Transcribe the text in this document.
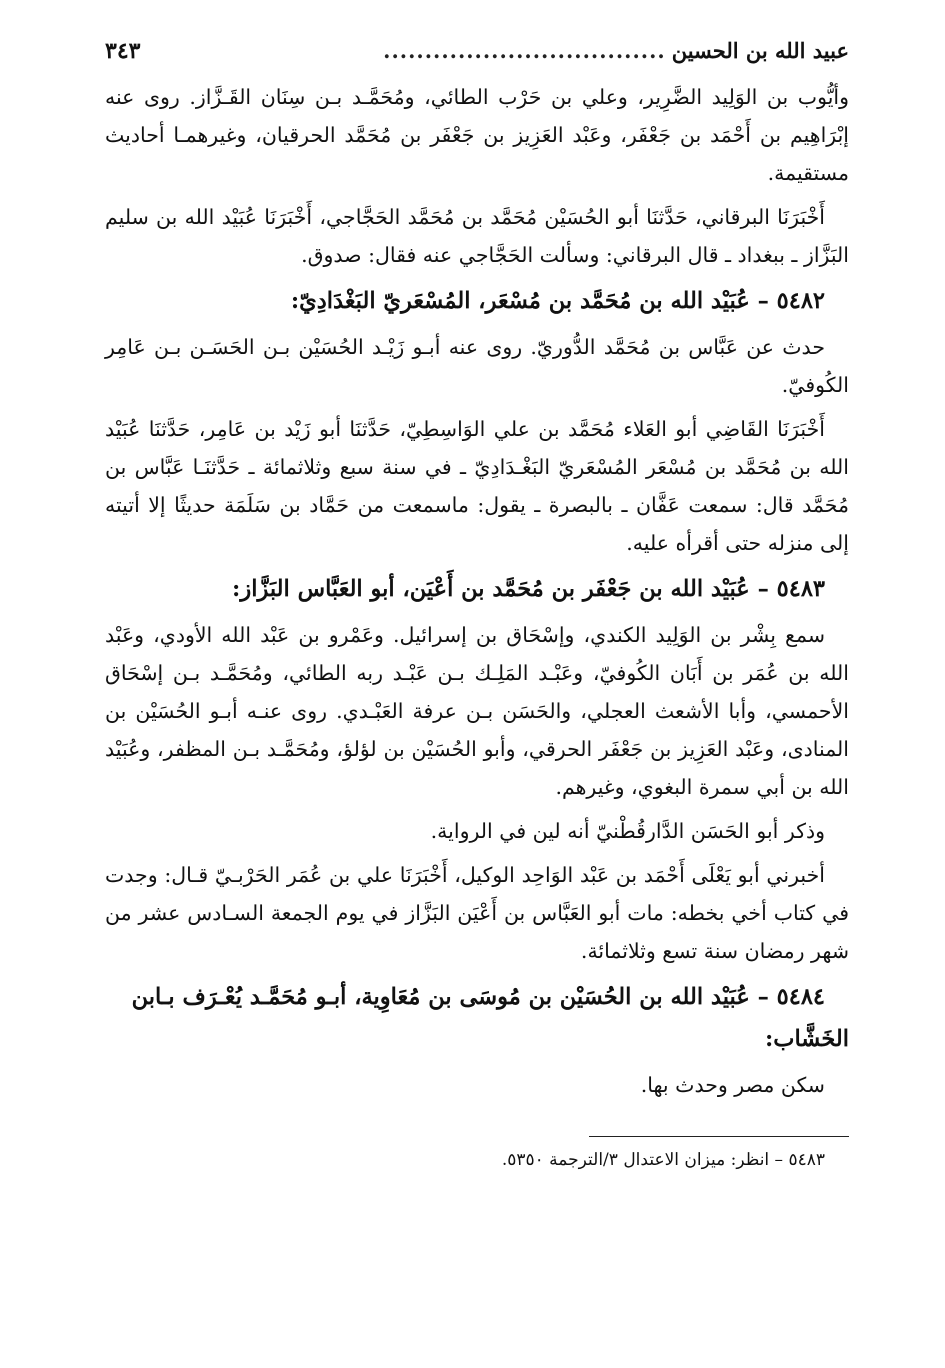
عبيد الله بن الحسين
..................................
٣٤٣

وأيُّوب بن الوَلِيد الضَّرِير، وعلي بن حَرْب الطائي، ومُحَمَّـد بـن سِنَان القَـزَّاز. روى عنه إبْرَاهِيم بن أَحْمَد بن جَعْفَر، وعَبْد العَزِيز بن جَعْفَر بن مُحَمَّد الحرقيان، وغيرهمـا أحاديث مستقيمة.

أَخْبَرَنَا البرقاني، حَدَّثنَا أبو الحُسَيْن مُحَمَّد بن مُحَمَّد الحَجَّاجي، أَخْبَرَنَا عُبَيْد الله بن سليم البَزَّاز ـ ببغداد ـ قال البرقاني: وسألت الحَجَّاجي عنه فقال: صدوق.

٥٤٨٢ – عُبَيْد الله بن مُحَمَّد بن مُسْعَر، المُسْعَريّ البَغْدَادِيّ:

حدث عن عَبَّاس بن مُحَمَّد الدُّوريّ. روى عنه أبـو زَيْـد الحُسَيْن بـن الحَسَـن بـن عَامِر الكُوفيّ.

أَخْبَرَنَا القَاضِي أبو العَلاء مُحَمَّد بن علي الوَاسِطِيّ، حَدَّثنَا أبو زَيْد بن عَامِر، حَدَّثنَا عُبَيْد الله بن مُحَمَّد بن مُسْعَر المُسْعَريّ البَغْـدَادِيّ ـ في سنة سبع وثلاثمائة ـ حَدَّثنَـا عَبَّاس بن مُحَمَّد قال: سمعت عَفَّان ـ بالبصرة ـ يقول: ماسمعت من حَمَّاد بن سَلَمَة حديثًا إلا أتيته إلى منزله حتى أقرأه عليه.

٥٤٨٣ – عُبَيْد الله بن جَعْفَر بن مُحَمَّد بن أَعْيَن، أبو العَبَّاس البَزَّاز:

سمع بِشْر بن الوَلِيد الكندي، وإسْحَاق بن إسرائيل. وعَمْرو بن عَبْد الله الأودي، وعَبْد الله بن عُمَر بن أَبَان الكُوفيّ، وعَبْـد المَلِـك بـن عَبْـد ربه الطائي، ومُحَمَّـد بـن إسْحَاق الأحمسي، وأبا الأشعث العجلي، والحَسَن بـن عرفة العَبْـدي. روى عنـه أبـو الحُسَيْن بن المنادى، وعَبْد العَزِيز بن جَعْفَر الحرقي، وأبو الحُسَيْن بن لؤلؤ، ومُحَمَّـد بـن المظفر، وعُبَيْد الله بن أبي سمرة البغوي، وغيرهم.

وذكر أبو الحَسَن الدَّارقُطْنيّ أنه لين في الرواية.

أخبرني أبو يَعْلَى أَحْمَد بن عَبْد الوَاحِد الوكيل، أَخْبَرَنَا علي بن عُمَر الحَرْبـيّ قـال: وجدت في كتاب أخي بخطه: مات أبو العَبَّاس بن أَعْيَن البَزَّاز في يوم الجمعة السـادس عشر من شهر رمضان سنة تسع وثلاثمائة.

٥٤٨٤ – عُبَيْد الله بن الحُسَيْن بن مُوسَى بن مُعَاوِية، أبـو مُحَمَّـد يُعْـرَف بـابن الخَشَّاب:

سكن مصر وحدث بها.

٥٤٨٣ – انظر: ميزان الاعتدال ٣/الترجمة ٥٣٥٠.
